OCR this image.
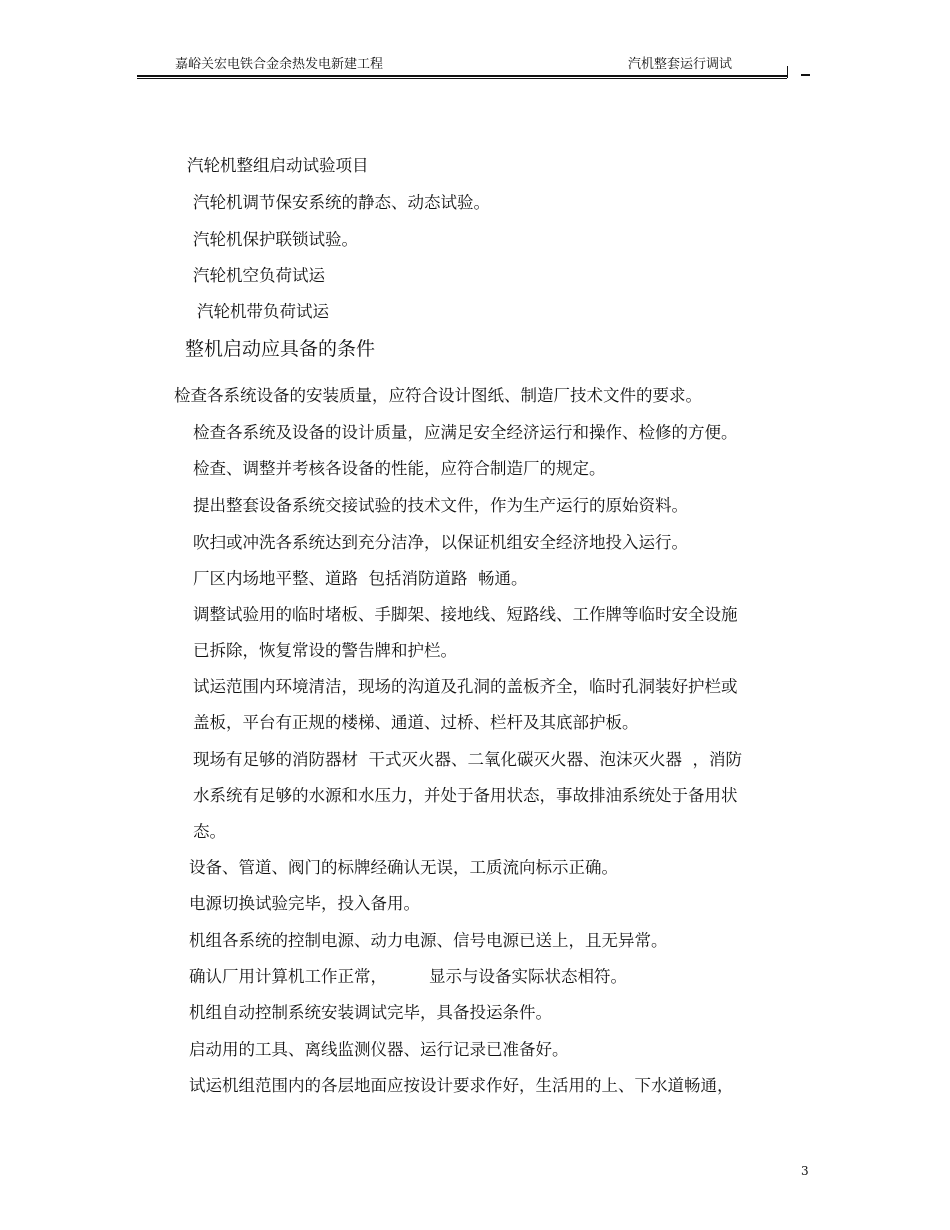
嘉峪关宏电铁合金余热发电新建工程	汽机整套运行调试
汽轮机整组启动试验项目
汽轮机调节保安系统的静态、动态试验。
汽轮机保护联锁试验。
汽轮机空负荷试运
汽轮机带负荷试运
整机启动应具备的条件
检查各系统设备的安装质量，应符合设计图纸、制造厂技术文件的要求。
检查各系统及设备的设计质量，应满足安全经济运行和操作、检修的方便。
检查、调整并考核各设备的性能，应符合制造厂的规定。
提出整套设备系统交接试验的技术文件，作为生产运行的原始资料。
吹扫或冲洗各系统达到充分洁净，以保证机组安全经济地投入运行。
厂区内场地平整、道路  包括消防道路  畅通。
调整试验用的临时堵板、手脚架、接地线、短路线、工作牌等临时安全设施
已拆除，恢复常设的警告牌和护栏。
试运范围内环境清洁，现场的沟道及孔洞的盖板齐全，临时孔洞装好护栏或
盖板，平台有正规的楼梯、通道、过桥、栏杆及其底部护板。
现场有足够的消防器材  干式灭火器、二氧化碳灭火器、泡沫灭火器  ，消防
水系统有足够的水源和水压力，并处于备用状态，事故排油系统处于备用状
态。
设备、管道、阀门的标牌经确认无误，工质流向标示正确。
电源切换试验完毕，投入备用。
机组各系统的控制电源、动力电源、信号电源已送上，且无异常。
确认厂用计算机工作正常，        显示与设备实际状态相符。
机组自动控制系统安装调试完毕，具备投运条件。
启动用的工具、离线监测仪器、运行记录已准备好。
试运机组范围内的各层地面应按设计要求作好，生活用的上、下水道畅通，
3
